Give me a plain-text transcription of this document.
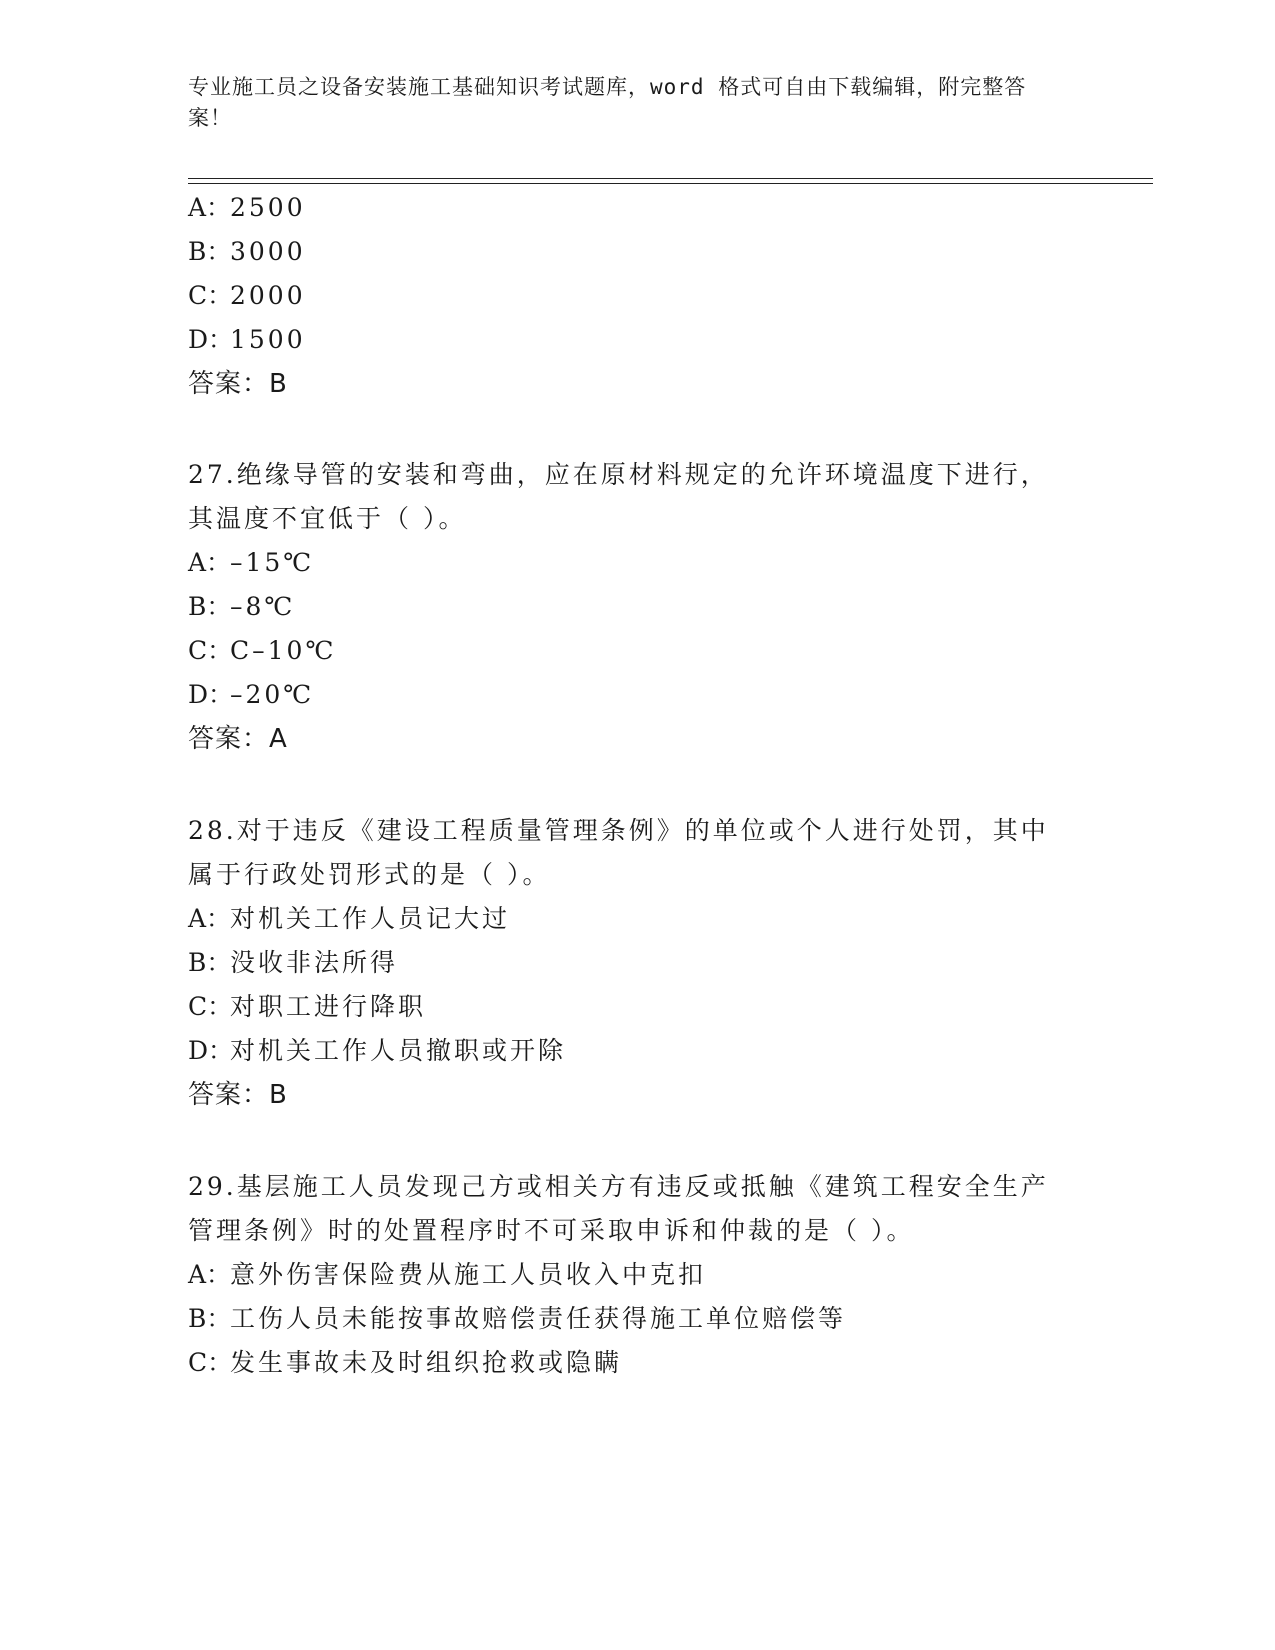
专业施工员之设备安装施工基础知识考试题库，word 格式可自由下载编辑，附完整答案！
A：2500
B：3000
C：2000
D：1500
答案：B
27.绝缘导管的安装和弯曲，应在原材料规定的允许环境温度下进行，
其温度不宜低于（ ）。
A：–15℃
B：–8℃
C：C–10℃
D：–20℃
答案：A
28.对于违反《建设工程质量管理条例》的单位或个人进行处罚，其中
属于行政处罚形式的是（ ）。
A：对机关工作人员记大过
B：没收非法所得
C：对职工进行降职
D：对机关工作人员撤职或开除
答案：B
29.基层施工人员发现己方或相关方有违反或抵触《建筑工程安全生产
管理条例》时的处置程序时不可采取申诉和仲裁的是（ ）。
A：意外伤害保险费从施工人员收入中克扣
B：工伤人员未能按事故赔偿责任获得施工单位赔偿等
C：发生事故未及时组织抢救或隐瞒
